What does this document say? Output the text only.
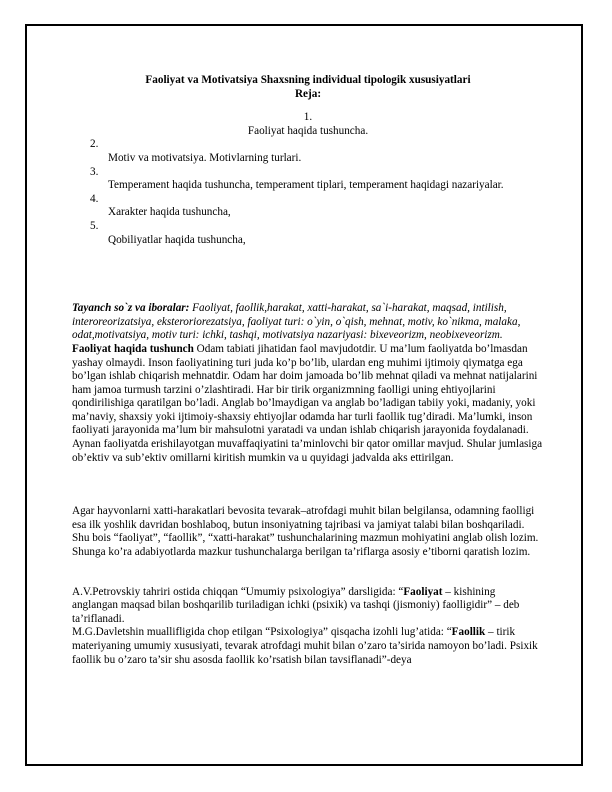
Faoliyat va Motivatsiya Shaxsning individual tipologik xususiyatlari

Reja:

1.

Faoliyat haqida tushuncha.

2.

Motiv va motivatsiya. Motivlarning turlari.

3.

Temperament haqida tushuncha, temperament tiplari, temperament haqidagi nazariyalar.

4.

Xarakter haqida tushuncha,

5.

Qobiliyatlar haqida tushuncha,

Tayanch so`z va iboralar: Faoliyat, faollik,harakat, xatti-harakat, sa`i-harakat, maqsad, intilish, interoreorizatsiya, eksteroriorezatsiya, faoliyat turi: o`yin, o`qish, mehnat, motiv, ko`nikma, malaka, odat,motivatsiya, motiv turi: ichki, tashqi, motivatsiya nazariyasi: bixeveorizm, neobixeveorizm. Faoliyat haqida tushunch Odam tabiati jihatidan faol mavjudotdir. U ma’lum faoliyatda bo’lmasdan yashay olmaydi. Inson faoliyatining turi juda ko’p bo’lib, ulardan eng muhimi ijtimoiy qiymatga ega bo’lgan ishlab chiqarish mehnatdir. Odam har doim jamoada bo’lib mehnat qiladi va mehnat natijalarini ham jamoa turmush tarzini o’zlashtiradi. Har bir tirik organizmning faolligi uning ehtiyojlarini qondirilishiga qaratilgan bo’ladi. Anglab bo’lmaydigan va anglab bo’ladigan tabiiy yoki, madaniy, yoki ma’naviy, shaxsiy yoki ijtimoiy-shaxsiy ehtiyojlar odamda har turli faollik tug’diradi. Ma’lumki, inson faoliyati jarayonida ma’lum bir mahsulotni yaratadi va undan ishlab chiqarish jarayonida foydalanadi. Aynan faoliyatda erishilayotgan muvaffaqiyatini ta’minlovchi bir qator omillar mavjud. Shular jumlasiga ob’ektiv va sub’ektiv omillarni kiritish mumkin va u quyidagi jadvalda aks ettirilgan.

Agar hayvonlarni xatti-harakatlari bevosita tevarak–atrofdagi muhit bilan belgilansa, odamning faolligi esa ilk yoshlik davridan boshlaboq, butun insoniyatning tajribasi va jamiyat talabi bilan boshqariladi. Shu bois “faoliyat”, “faollik”, “xatti-harakat” tushunchalarining mazmun mohiyatini anglab olish lozim. Shunga ko’ra adabiyotlarda mazkur tushunchalarga berilgan ta’riflarga asosiy e’tiborni qaratish lozim.

A.V.Petrovskiy tahriri ostida chiqqan “Umumiy psixologiya” darsligida: “Faoliyat – kishining anglangan maqsad bilan boshqarilib turiladigan ichki (psixik) va tashqi (jismoniy) faolligidir” – deb ta’riflanadi.

M.G.Davletshin muallifligida chop etilgan “Psixologiya” qisqacha izohli lug’atida: “Faollik – tirik materiyaning umumiy xususiyati, tevarak atrofdagi muhit bilan o’zaro ta’sirida namoyon bo’ladi. Psixik faollik bu o’zaro ta’sir shu asosda faollik ko’rsatish bilan tavsiflanadi”-deya
